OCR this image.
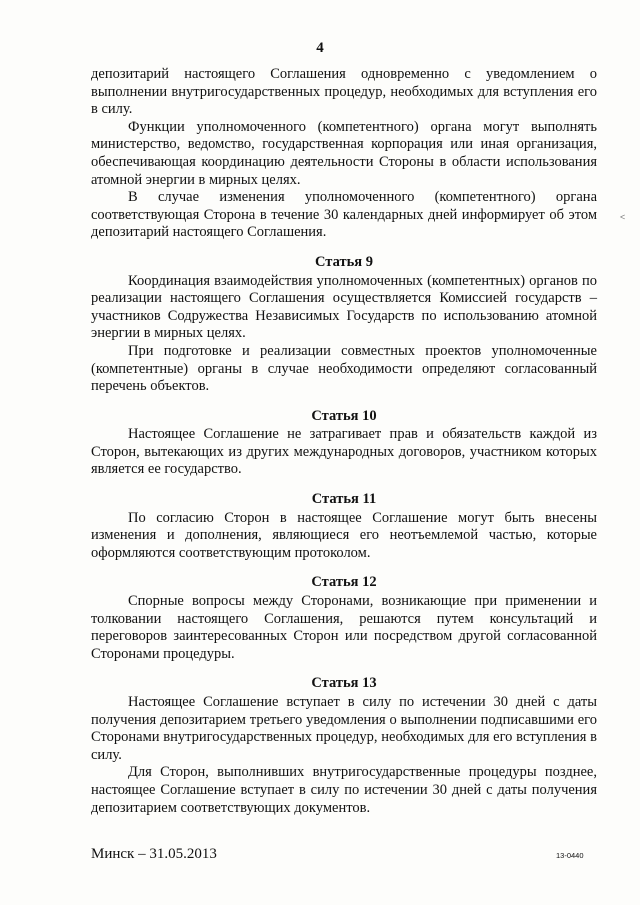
4

депозитарий настоящего Соглашения одновременно с уведомлением о выполнении внутригосударственных процедур, необходимых для вступления его в силу.

Функции уполномоченного (компетентного) органа могут выполнять министерство, ведомство, государственная корпорация или иная организация, обеспечивающая координацию деятельности Стороны в области использования атомной энергии в мирных целях.

В случае изменения уполномоченного (компетентного) органа соответствующая Сторона в течение 30 календарных дней информирует об этом депозитарий настоящего Соглашения.

Статья 9

Координация взаимодействия уполномоченных (компетентных) органов по реализации настоящего Соглашения осуществляется Комиссией государств – участников Содружества Независимых Государств по использованию атомной энергии в мирных целях.

При подготовке и реализации совместных проектов уполномоченные (компетентные) органы в случае необходимости определяют согласованный перечень объектов.

Статья 10

Настоящее Соглашение не затрагивает прав и обязательств каждой из Сторон, вытекающих из других международных договоров, участником которых является ее государство.

Статья 11

По согласию Сторон в настоящее Соглашение могут быть внесены изменения и дополнения, являющиеся его неотъемлемой частью, которые оформляются соответствующим протоколом.

Статья 12

Спорные вопросы между Сторонами, возникающие при применении и толковании настоящего Соглашения, решаются путем консультаций и переговоров заинтересованных Сторон или посредством другой согласованной Сторонами процедуры.

Статья 13

Настоящее Соглашение вступает в силу по истечении 30 дней с даты получения депозитарием третьего уведомления о выполнении подписавшими его Сторонами внутригосударственных процедур, необходимых для его вступления в силу.

Для Сторон, выполнивших внутригосударственные процедуры позднее, настоящее Соглашение вступает в силу по истечении 30 дней с даты получения депозитарием соответствующих документов.

<
Минск – 31.05.2013	13-0440
